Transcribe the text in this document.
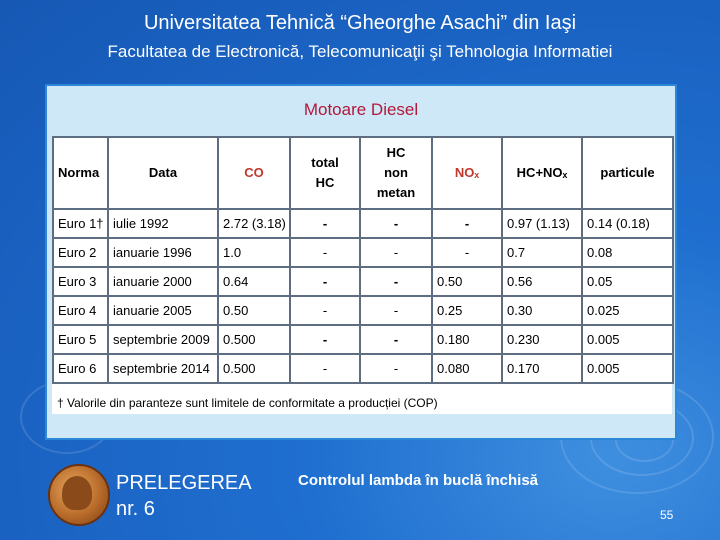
Universitatea Tehnică “Gheorghe Asachi” din Iaşi
Facultatea de Electronică, Telecomunicaţii şi Tehnologia Informatiei
Motoare Diesel
Norma	Data	CO	total HC	HC non metan	NOₓ	HC+NOₓ	particule
Euro 1†	iulie 1992	2.72 (3.18)	-	-	-	0.97 (1.13)	0.14 (0.18)
Euro 2	ianuarie 1996	1.0	-	-	-	0.7	0.08
Euro 3	ianuarie 2000	0.64	-	-	0.50	0.56	0.05
Euro 4	ianuarie 2005	0.50	-	-	0.25	0.30	0.025
Euro 5	septembrie 2009	0.500	-	-	0.180	0.230	0.005
Euro 6	septembrie 2014	0.500	-	-	0.080	0.170	0.005
† Valorile din paranteze sunt limitele de conformitate a producției (COP)
PRELEGEREA
nr. 6
Controlul lambda în buclă închisă
55
